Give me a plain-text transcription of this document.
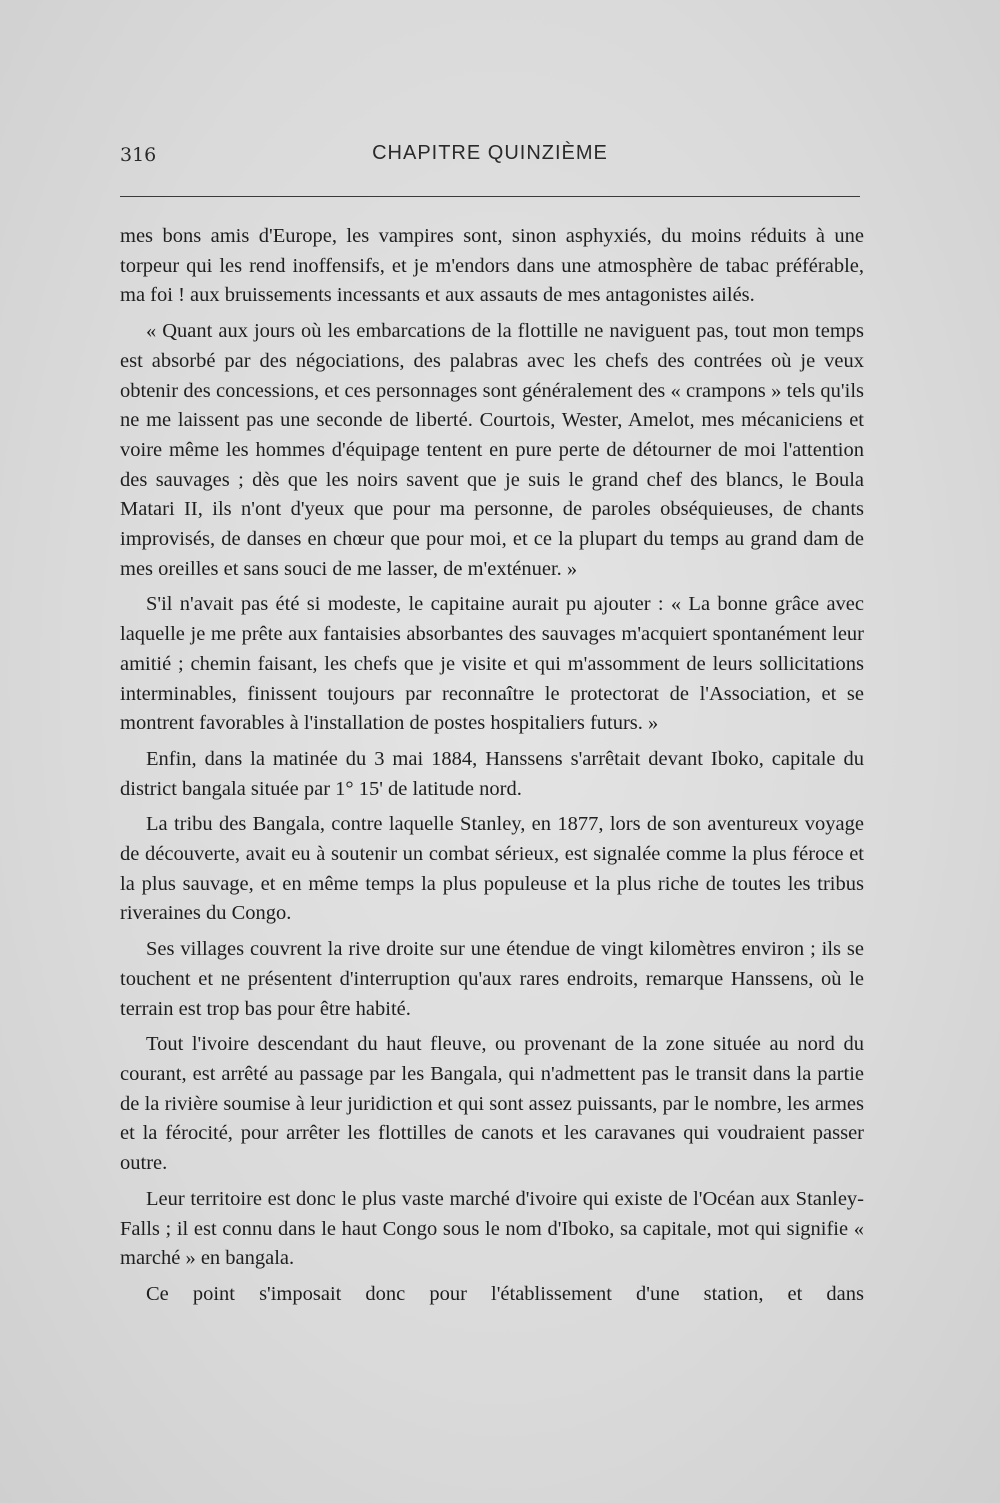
316	CHAPITRE QUINZIÈME

mes bons amis d'Europe, les vampires sont, sinon asphyxiés, du moins réduits à une torpeur qui les rend inoffensifs, et je m'endors dans une atmosphère de tabac préférable, ma foi ! aux bruissements incessants et aux assauts de mes antagonistes ailés.

« Quant aux jours où les embarcations de la flottille ne naviguent pas, tout mon temps est absorbé par des négociations, des palabras avec les chefs des contrées où je veux obtenir des concessions, et ces personnages sont généralement des « crampons » tels qu'ils ne me laissent pas une seconde de liberté. Courtois, Wester, Amelot, mes mécaniciens et voire même les hommes d'équipage tentent en pure perte de détourner de moi l'attention des sauvages ; dès que les noirs savent que je suis le grand chef des blancs, le Boula Matari II, ils n'ont d'yeux que pour ma personne, de paroles obséquieuses, de chants improvisés, de danses en chœur que pour moi, et ce la plupart du temps au grand dam de mes oreilles et sans souci de me lasser, de m'exténuer. »

S'il n'avait pas été si modeste, le capitaine aurait pu ajouter : « La bonne grâce avec laquelle je me prête aux fantaisies absorbantes des sauvages m'acquiert spontanément leur amitié ; chemin faisant, les chefs que je visite et qui m'assomment de leurs sollicitations interminables, finissent toujours par reconnaître le protectorat de l'Association, et se montrent favorables à l'installation de postes hospitaliers futurs. »

Enfin, dans la matinée du 3 mai 1884, Hanssens s'arrêtait devant Iboko, capitale du district bangala située par 1° 15' de latitude nord.

La tribu des Bangala, contre laquelle Stanley, en 1877, lors de son aventureux voyage de découverte, avait eu à soutenir un combat sérieux, est signalée comme la plus féroce et la plus sauvage, et en même temps la plus populeuse et la plus riche de toutes les tribus riveraines du Congo.

Ses villages couvrent la rive droite sur une étendue de vingt kilomètres environ ; ils se touchent et ne présentent d'interruption qu'aux rares endroits, remarque Hanssens, où le terrain est trop bas pour être habité.

Tout l'ivoire descendant du haut fleuve, ou provenant de la zone située au nord du courant, est arrêté au passage par les Bangala, qui n'admettent pas le transit dans la partie de la rivière soumise à leur juridiction et qui sont assez puissants, par le nombre, les armes et la férocité, pour arrêter les flottilles de canots et les caravanes qui voudraient passer outre.

Leur territoire est donc le plus vaste marché d'ivoire qui existe de l'Océan aux Stanley-Falls ; il est connu dans le haut Congo sous le nom d'Iboko, sa capitale, mot qui signifie « marché » en bangala.

Ce point s'imposait donc pour l'établissement d'une station, et dans
